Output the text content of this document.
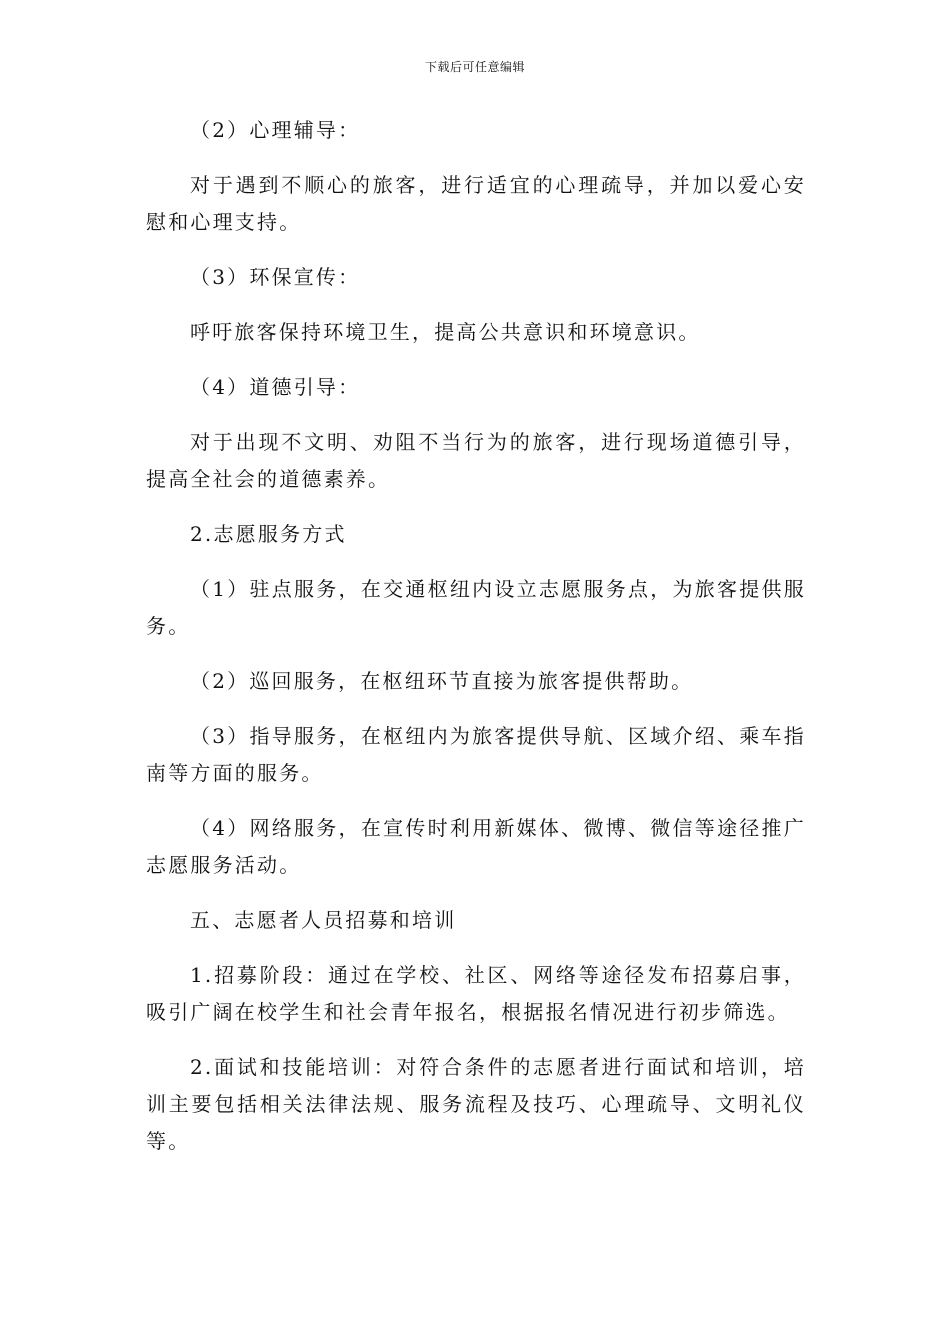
下载后可任意编辑

（2）心理辅导：

对于遇到不顺心的旅客，进行适宜的心理疏导，并加以爱心安慰和心理支持。

（3）环保宣传：

呼吁旅客保持环境卫生，提高公共意识和环境意识。

（4）道德引导：

对于出现不文明、劝阻不当行为的旅客，进行现场道德引导，提高全社会的道德素养。

2.志愿服务方式

（1）驻点服务，在交通枢纽内设立志愿服务点，为旅客提供服务。

（2）巡回服务，在枢纽环节直接为旅客提供帮助。

（3）指导服务，在枢纽内为旅客提供导航、区域介绍、乘车指南等方面的服务。

（4）网络服务，在宣传时利用新媒体、微博、微信等途径推广志愿服务活动。

五、志愿者人员招募和培训

1.招募阶段：通过在学校、社区、网络等途径发布招募启事，吸引广阔在校学生和社会青年报名，根据报名情况进行初步筛选。

2.面试和技能培训：对符合条件的志愿者进行面试和培训，培训主要包括相关法律法规、服务流程及技巧、心理疏导、文明礼仪等。
